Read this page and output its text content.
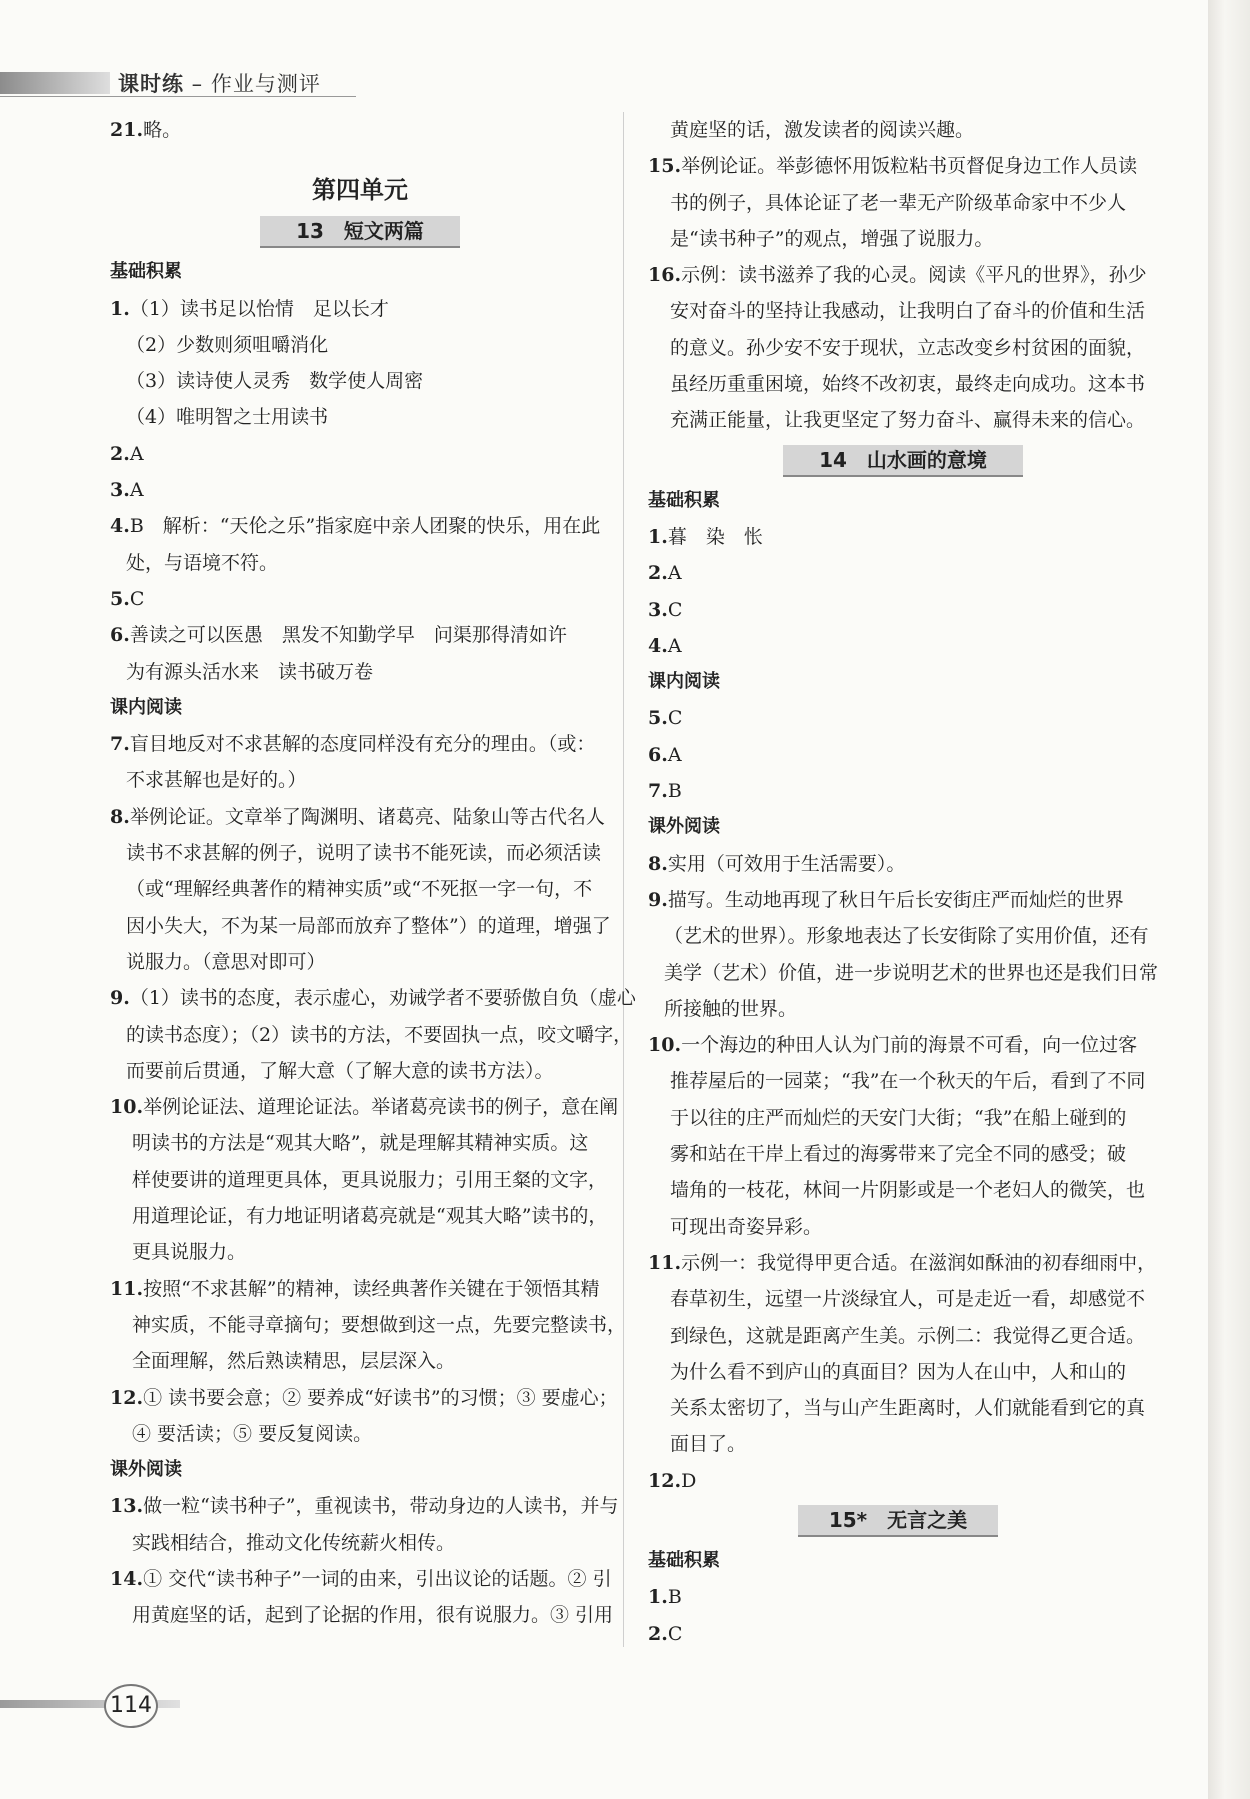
课时练 – 作业与测评
21.略。
第四单元
13　短文两篇
基础积累
1.（1）读书足以怡情　足以长才
（2）少数则须咀嚼消化
（3）读诗使人灵秀　数学使人周密
（4）唯明智之士用读书
2.A
3.A
4.B　解析：“天伦之乐”指家庭中亲人团聚的快乐，用在此
处，与语境不符。
5.C
6.善读之可以医愚　黑发不知勤学早　问渠那得清如许
为有源头活水来　读书破万卷
课内阅读
7.盲目地反对不求甚解的态度同样没有充分的理由。（或：
不求甚解也是好的。）
8.举例论证。文章举了陶渊明、诸葛亮、陆象山等古代名人
读书不求甚解的例子，说明了读书不能死读，而必须活读
（或“理解经典著作的精神实质”或“不死抠一字一句，不
因小失大，不为某一局部而放弃了整体”）的道理，增强了
说服力。（意思对即可）
9.（1）读书的态度，表示虚心，劝诫学者不要骄傲自负（虚心
的读书态度）；（2）读书的方法，不要固执一点，咬文嚼字，
而要前后贯通，了解大意（了解大意的读书方法）。
10.举例论证法、道理论证法。举诸葛亮读书的例子，意在阐
明读书的方法是“观其大略”，就是理解其精神实质。这
样使要讲的道理更具体，更具说服力；引用王粲的文字，
用道理论证，有力地证明诸葛亮就是“观其大略”读书的，
更具说服力。
11.按照“不求甚解”的精神，读经典著作关键在于领悟其精
神实质，不能寻章摘句；要想做到这一点，先要完整读书，
全面理解，然后熟读精思，层层深入。
12.① 读书要会意；② 要养成“好读书”的习惯；③ 要虚心；
④ 要活读；⑤ 要反复阅读。
课外阅读
13.做一粒“读书种子”，重视读书，带动身边的人读书，并与
实践相结合，推动文化传统薪火相传。
14.① 交代“读书种子”一词的由来，引出议论的话题。② 引
用黄庭坚的话，起到了论据的作用，很有说服力。③ 引用
黄庭坚的话，激发读者的阅读兴趣。
15.举例论证。举彭德怀用饭粒粘书页督促身边工作人员读
书的例子，具体论证了老一辈无产阶级革命家中不少人
是“读书种子”的观点，增强了说服力。
16.示例：读书滋养了我的心灵。阅读《平凡的世界》，孙少
安对奋斗的坚持让我感动，让我明白了奋斗的价值和生活
的意义。孙少安不安于现状，立志改变乡村贫困的面貌，
虽经历重重困境，始终不改初衷，最终走向成功。这本书
充满正能量，让我更坚定了努力奋斗、赢得未来的信心。
14　山水画的意境
基础积累
1.暮　染　怅
2.A
3.C
4.A
课内阅读
5.C
6.A
7.B
课外阅读
8.实用（可效用于生活需要）。
9.描写。生动地再现了秋日午后长安街庄严而灿烂的世界
（艺术的世界）。形象地表达了长安街除了实用价值，还有
美学（艺术）价值，进一步说明艺术的世界也还是我们日常
所接触的世界。
10.一个海边的种田人认为门前的海景不可看，向一位过客
推荐屋后的一园菜；“我”在一个秋天的午后，看到了不同
于以往的庄严而灿烂的天安门大街；“我”在船上碰到的
雾和站在干岸上看过的海雾带来了完全不同的感受；破
墙角的一枝花，林间一片阴影或是一个老妇人的微笑，也
可现出奇姿异彩。
11.示例一：我觉得甲更合适。在滋润如酥油的初春细雨中，
春草初生，远望一片淡绿宜人，可是走近一看，却感觉不
到绿色，这就是距离产生美。示例二：我觉得乙更合适。
为什么看不到庐山的真面目？因为人在山中，人和山的
关系太密切了，当与山产生距离时，人们就能看到它的真
面目了。
12.D
15*　无言之美
基础积累
1.B
2.C
114
